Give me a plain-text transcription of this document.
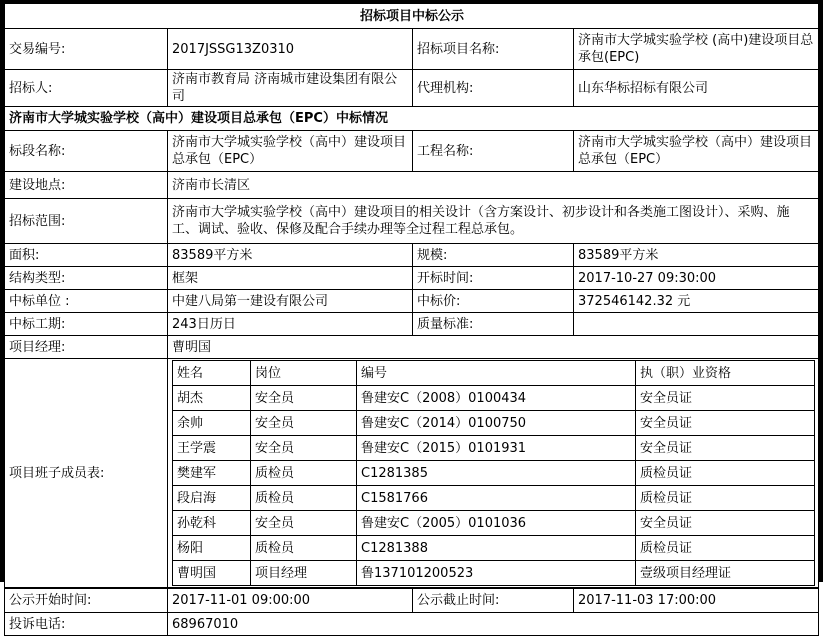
招标项目中标公示
交易编号:	2017JSSG13Z0310	招标项目名称:	济南市大学城实验学校 (高中)建设项目总承包(EPC)
招标人:	济南市教育局 济南城市建设集团有限公司	代理机构:	山东华标招标有限公司
济南市大学城实验学校（高中）建设项目总承包（EPC）中标情况
标段名称:	济南市大学城实验学校（高中）建设项目总承包（EPC）	工程名称:	济南市大学城实验学校（高中）建设项目总承包（EPC）
建设地点:	济南市长清区
招标范围:	济南市大学城实验学校（高中）建设项目的相关设计（含方案设计、初步设计和各类施工图设计）、采购、施工、调试、验收、保修及配合手续办理等全过程工程总承包。
面积:	83589平方米	规模:	83589平方米
结构类型:	框架	开标时间:	2017-10-27 09:30:00
中标单位 :	中建八局第一建设有限公司	中标价:	372546142.32 元
中标工期:	243日历日	质量标准:	
项目经理:	曹明国
项目班子成员表:	
姓名	岗位	编号	执（职）业资格
胡杰	安全员	鲁建安C（2008）0100434	安全员证
余帅	安全员	鲁建安C（2014）0100750	安全员证
王学震	安全员	鲁建安C（2015）0101931	安全员证
樊建军	质检员	C1281385	质检员证
段启海	质检员	C1581766	质检员证
孙乾科	安全员	鲁建安C（2005）0101036	安全员证
杨阳	质检员	C1281388	质检员证
曹明国	项目经理	鲁137101200523	壹级项目经理证

公示开始时间:	2017-11-01 09:00:00	公示截止时间:	2017-11-03 17:00:00
投诉电话:	68967010
